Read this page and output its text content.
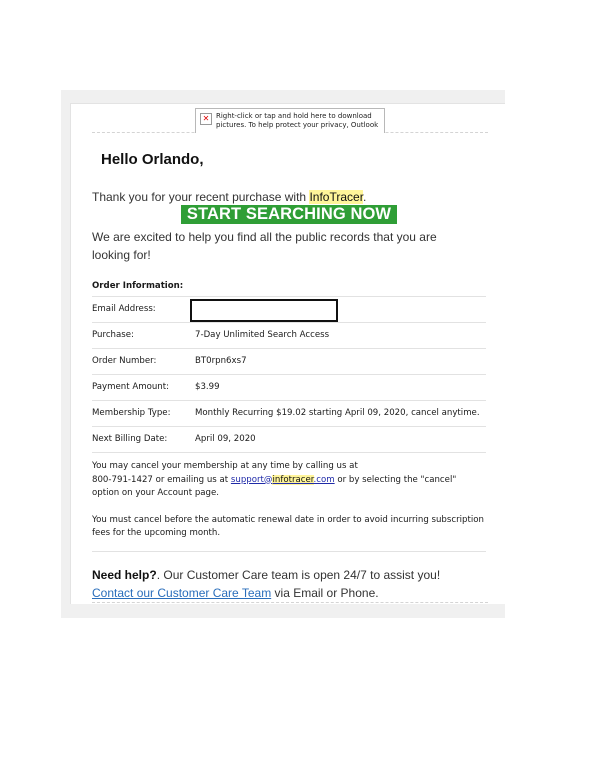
✕ Right-click or tap and hold here to download pictures. To help protect your privacy, Outlook
Hello Orlando,
Thank you for your recent purchase with InfoTracer.
START SEARCHING NOW
We are excited to help you find all the public records that you are looking for!
Order Information:
Email Address:
Purchase:	7-Day Unlimited Search Access
Order Number:	BT0rpn6xs7
Payment Amount:	$3.99
Membership Type:	Monthly Recurring $19.02 starting April 09, 2020, cancel anytime.
Next Billing Date:	April 09, 2020

You may cancel your membership at any time by calling us at
800-791-1427 or emailing us at support@infotracer.com or by selecting the "cancel"
option on your Account page.

You must cancel before the automatic renewal date in order to avoid incurring subscription fees for the upcoming month.

Need help?. Our Customer Care team is open 24/7 to assist you!
Contact our Customer Care Team via Email or Phone.
